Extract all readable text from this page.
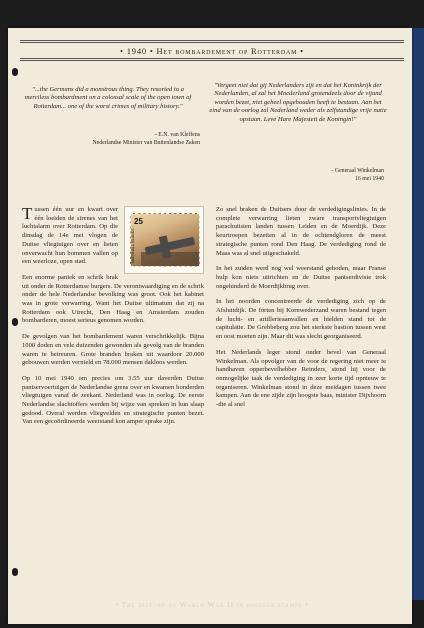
• 1940 • Het bombardement op Rotterdam •
"...the Germans did a monstrous thing. They resorted to a merciless bombardment on a colossal scale of the open town of Rotterdam... one of the worst crimes of military history."
- E.N. van Kleffens
Nederlandse Minister van Buitenlandse Zaken
"Vergeet niet dat gij Nederlanders zijt en dat het Koninkrijk der Nederlanden, al zal het Moederland grotendeels door de vijand worden bezet, niet geheel opgehouden heeft te bestaan. Aan het eind van de oorlog zal Nederland weder als zelfstandige vrije natie opstaan. Leve Hare Majesteit de Koningin!"
- Generaal Winkelman
16 mei 1940
25
MARSHALL ISLANDS

Tussen één uur en kwart over één loeiden de sirenes van het luchtalarm over Rotterdam. Op die dinsdag de 14e mei vlogen de Duitse vliegtuigen over en lieten onverwacht hun bommen vallen op een weerloze, open stad.

Een enorme paniek en schrik brak uit onder de Rotterdamse burgers. De verontwaardiging en de schrik onder de hele Nederlandse bevolking was groot. Ook het kabinet was in grote verwarring. Want het Duitse ultimatum dat zij na Rotterdam ook Utrecht, Den Haag en Amsterdam zouden bombarderen, moest serieus genomen worden.

De gevolgen van het bombardement waren verschrikkelijk. Bijna 1000 doden en vele duizenden gewonden als gevolg van de branden waren te betreuren. Grote branden braken uit waardoor 20.000 gebouwen werden vernield en 78.000 mensen dakloos werden.

Op 10 mei 1940 om precies om 3.55 uur daverden Duitse pantservoertuigen de Nederlandse grens over en kwamen honderden vliegtuigen vanaf de zeekant. Nederland was in oorlog. De eerste Nederlandse slachtoffers werden bij wijze van spreken in hun slaap gedood. Overal werden vliegvelden en strategische punten bezet. Van een gecoördineerde weerstand kon amper sprake zijn.

Zo snel braken de Duitsers door de verdedigingslinies. In de complete verwarring lieten zware transportvliegtuigen parachutisten landen tussen Leiden en de Moerdijk. Deze keurtroepen bezetten al in de ochtendgloren de meest strategische punten rond Den Haag. De verdediging rond de Maas was al snel uitgeschakeld.

In het zuiden werd nog wel weerstand geboden, maar Franse hulp kon niets uitrichten en de Duitse pantserdivisie trok ongehinderd de Moerdijkbrug over.

In het noorden concentreerde de verdediging zich op de Afsluitdijk. De forten bij Kornwederzand waren bestand tegen de lucht- en artillerieaanvallen en hielden stand tot de capitulatie. De Grebbeberg zou het sterkste bastion tussen west en oost moeten zijn. Maar dit was slecht georganiseerd.

Het Nederlands leger stond onder bevel van Generaal Winkelman. Als opvolger van de voor de regering niet meer te handhaven opperbevelhebber Reinders, stond hij voor de onmogelijke taak de verdediging in zeer korte tijd opnieuw te organiseren. Winkelman stond in deze meidagen tussen twee kampen. Aan de ene zijde zijn hoogste baas, minister Dijxhoorn -die al snel

• The history of World War II in postage stamps •
